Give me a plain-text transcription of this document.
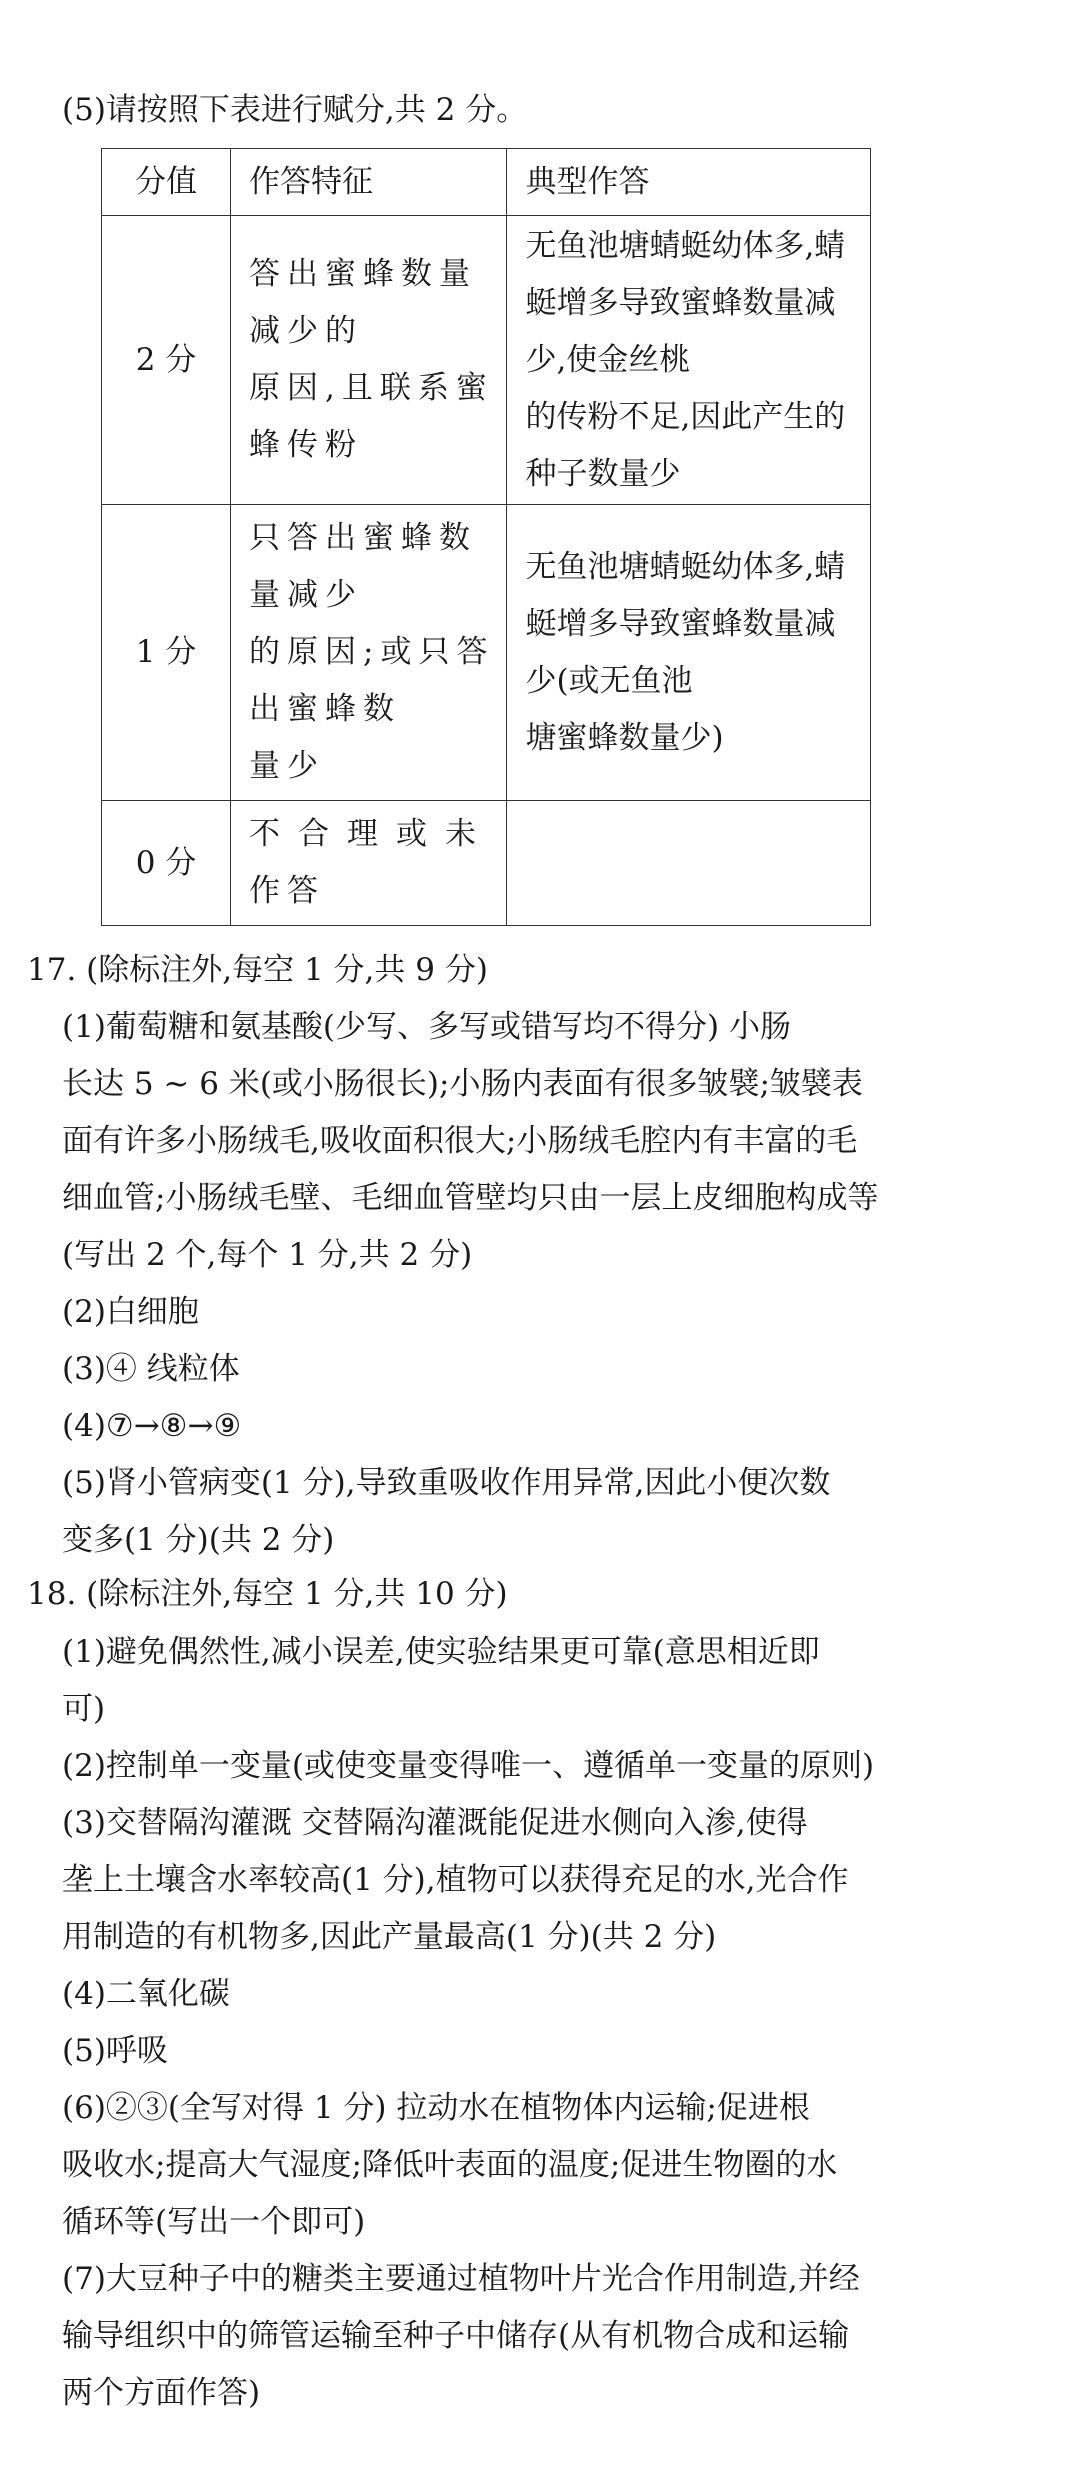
(5)请按照下表进行赋分,共 2 分。

分值	作答特征	典型作答
2 分	答出蜜蜂数量
减少的
原因,且联系蜜
蜂传粉	无鱼池塘蜻蜓幼体多,蜻
蜓增多导致蜜蜂数量减
少,使金丝桃
的传粉不足,因此产生的
种子数量少

1 分	只答出蜜蜂数
量减少
的原因;或只答
出蜜蜂数
量少	无鱼池塘蜻蜓幼体多,蜻
蜓增多导致蜜蜂数量减
少(或无鱼池
塘蜜蜂数量少)

0 分	不合理或未
作答	

17. (除标注外,每空 1 分,共 9 分)

(1)葡萄糖和氨基酸(少写、多写或错写均不得分) 小肠

长达 5 ~ 6 米(或小肠很长);小肠内表面有很多皱襞;皱襞表

面有许多小肠绒毛,吸收面积很大;小肠绒毛腔内有丰富的毛

细血管;小肠绒毛壁、毛细血管壁均只由一层上皮细胞构成等

(写出 2 个,每个 1 分,共 2 分)

(2)白细胞

(3)④ 线粒体

(4)⑦→⑧→⑨

(5)肾小管病变(1 分),导致重吸收作用异常,因此小便次数

变多(1 分)(共 2 分)

18. (除标注外,每空 1 分,共 10 分)

(1)避免偶然性,减小误差,使实验结果更可靠(意思相近即

可)

(2)控制单一变量(或使变量变得唯一、遵循单一变量的原则)

(3)交替隔沟灌溉 交替隔沟灌溉能促进水侧向入渗,使得

垄上土壤含水率较高(1 分),植物可以获得充足的水,光合作

用制造的有机物多,因此产量最高(1 分)(共 2 分)

(4)二氧化碳

(5)呼吸

(6)②③(全写对得 1 分) 拉动水在植物体内运输;促进根

吸收水;提高大气湿度;降低叶表面的温度;促进生物圈的水

循环等(写出一个即可)

(7)大豆种子中的糖类主要通过植物叶片光合作用制造,并经

输导组织中的筛管运输至种子中储存(从有机物合成和运输

两个方面作答)
